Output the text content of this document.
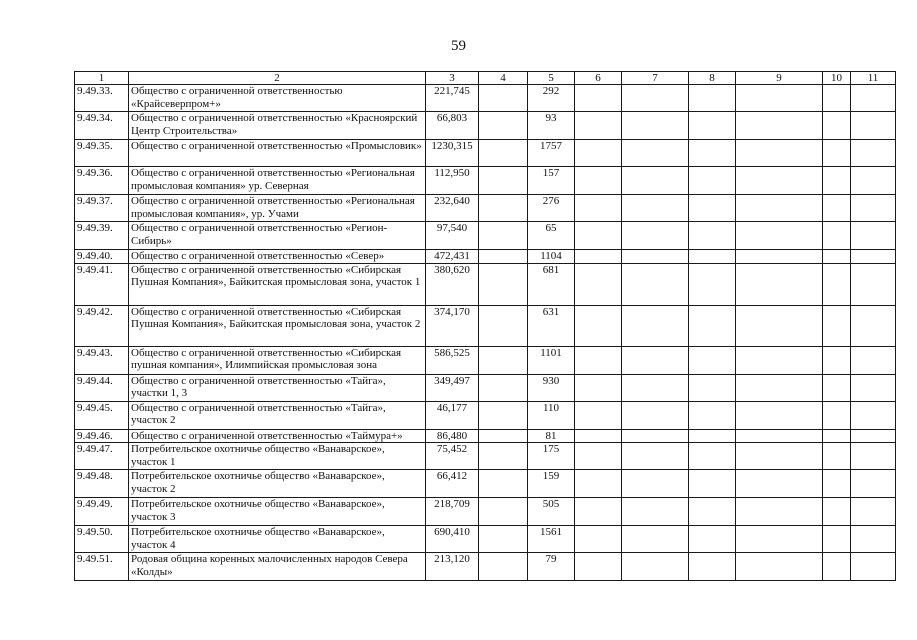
59
1	2	3	4	5	6	7	8	9	10	11
9.49.33.	Общество с ограниченной ответственностью «Крайсеверпром+»	221,745		292						
9.49.34.	Общество с ограниченной ответственностью «Красноярский Центр Строительства»	66,803		93						
9.49.35.	Общество с ограниченной ответственностью «Промысловик»	1230,315		1757						
9.49.36.	Общество с ограниченной ответственностью «Региональная промысловая компания» ур. Северная	112,950		157						
9.49.37.	Общество с ограниченной ответственностью «Региональная промысловая компания», ур. Учами	232,640		276						
9.49.39.	Общество с ограниченной ответственностью «Регион-Сибирь»	97,540		65						
9.49.40.	Общество с ограниченной ответственностью «Север»	472,431		1104						
9.49.41.	Общество с ограниченной ответственностью «Сибирская Пушная Компания», Байкитская промысловая зона, участок 1	380,620		681						
9.49.42.	Общество с ограниченной ответственностью «Сибирская Пушная Компания», Байкитская промысловая зона, участок 2	374,170		631						
9.49.43.	Общество с ограниченной ответственностью «Сибирская пушная компания», Илимпийская промысловая зона	586,525		1101						
9.49.44.	Общество с ограниченной ответственностью «Тайга», участки 1, 3	349,497		930						
9.49.45.	Общество с ограниченной ответственностью «Тайга», участок 2	46,177		110						
9.49.46.	Общество с ограниченной ответственностью «Таймура+»	86,480		81						
9.49.47.	Потребительское охотничье общество «Ванаварское», участок 1	75,452		175						
9.49.48.	Потребительское охотничье общество «Ванаварское», участок 2	66,412		159						
9.49.49.	Потребительское охотничье общество «Ванаварское», участок 3	218,709		505						
9.49.50.	Потребительское охотничье общество «Ванаварское», участок 4	690,410		1561						
9.49.51.	Родовая община коренных малочисленных народов Севера «Колды»	213,120		79						
